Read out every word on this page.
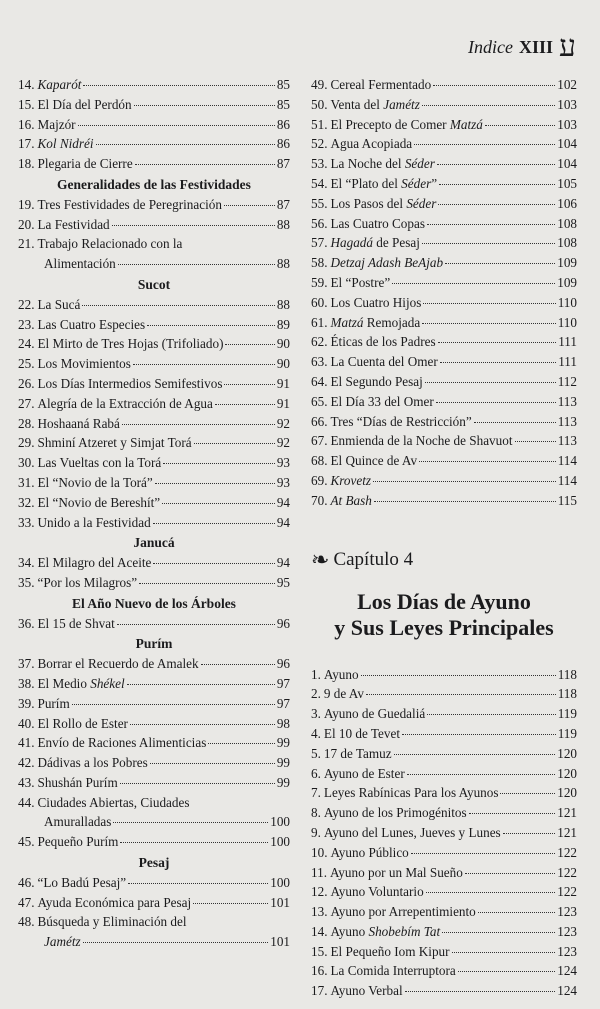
Indice XIII ע
14. Kaparót	85
15. El Día del Perdón	85
16. Majzór	86
17. Kol Nidréi	86
18. Plegaria de Cierre	87
Generalidades de las Festividades
19. Tres Festividades de Peregrinación	87
20. La Festividad	88
21. Trabajo Relacionado con la
Alimentación	88
Sucot
22. La Sucá	88
23. Las Cuatro Especies	89
24. El Mirto de Tres Hojas (Trifoliado)	90
25. Los Movimientos	90
26. Los Días Intermedios Semifestivos	91
27. Alegría de la Extracción de Agua	91
28. Hoshaaná Rabá	92
29. Shminí Atzeret y Simjat Torá	92
30. Las Vueltas con la Torá	93
31. El “Novio de la Torá”	93
32. El “Novio de Bereshít”	94
33. Unido a la Festividad	94
Janucá
34. El Milagro del Aceite	94
35. “Por los Milagros”	95
El Año Nuevo de los Árboles
36. El 15 de Shvat	96
Purím
37. Borrar el Recuerdo de Amalek	96
38. El Medio Shékel	97
39. Purím	97
40. El Rollo de Ester	98
41. Envío de Raciones Alimenticias	99
42. Dádivas a los Pobres	99
43. Shushán Purím	99
44. Ciudades Abiertas, Ciudades
Amuralladas	100
45. Pequeño Purím	100
Pesaj
46. “Lo Badú Pesaj”	100
47. Ayuda Económica para Pesaj	101
48. Búsqueda y Eliminación del
Jamétz	101
49. Cereal Fermentado	102
50. Venta del Jamétz	103
51. El Precepto de Comer Matzá	103
52. Agua Acopiada	104
53. La Noche del Séder	104
54. El “Plato del Séder”	105
55. Los Pasos del Séder	106
56. Las Cuatro Copas	108
57. Hagadá de Pesaj	108
58. Detzaj Adash BeAjab	109
59. El “Postre”	109
60. Los Cuatro Hijos	110
61. Matzá Remojada	110
62. Éticas de los Padres	111
63. La Cuenta del Omer	111
64. El Segundo Pesaj	112
65. El Día 33 del Omer	113
66. Tres “Días de Restricción”	113
67. Enmienda de la Noche de Shavuot	113
68. El Quince de Av	114
69. Krovetz	114
70. At Bash	115
❧ Capítulo 4
Los Días de Ayuno
y Sus Leyes Principales
1. Ayuno	118
2. 9 de Av	118
3. Ayuno de Guedaliá	119
4. El 10 de Tevet	119
5. 17 de Tamuz	120
6. Ayuno de Ester	120
7. Leyes Rabínicas Para los Ayunos	120
8. Ayuno de los Primogénitos	121
9. Ayuno del Lunes, Jueves y Lunes	121
10. Ayuno Público	122
11. Ayuno por un Mal Sueño	122
12. Ayuno Voluntario	122
13. Ayuno por Arrepentimiento	123
14. Ayuno Shobebím Tat	123
15. El Pequeño Iom Kipur	123
16. La Comida Interruptora	124
17. Ayuno Verbal	124
